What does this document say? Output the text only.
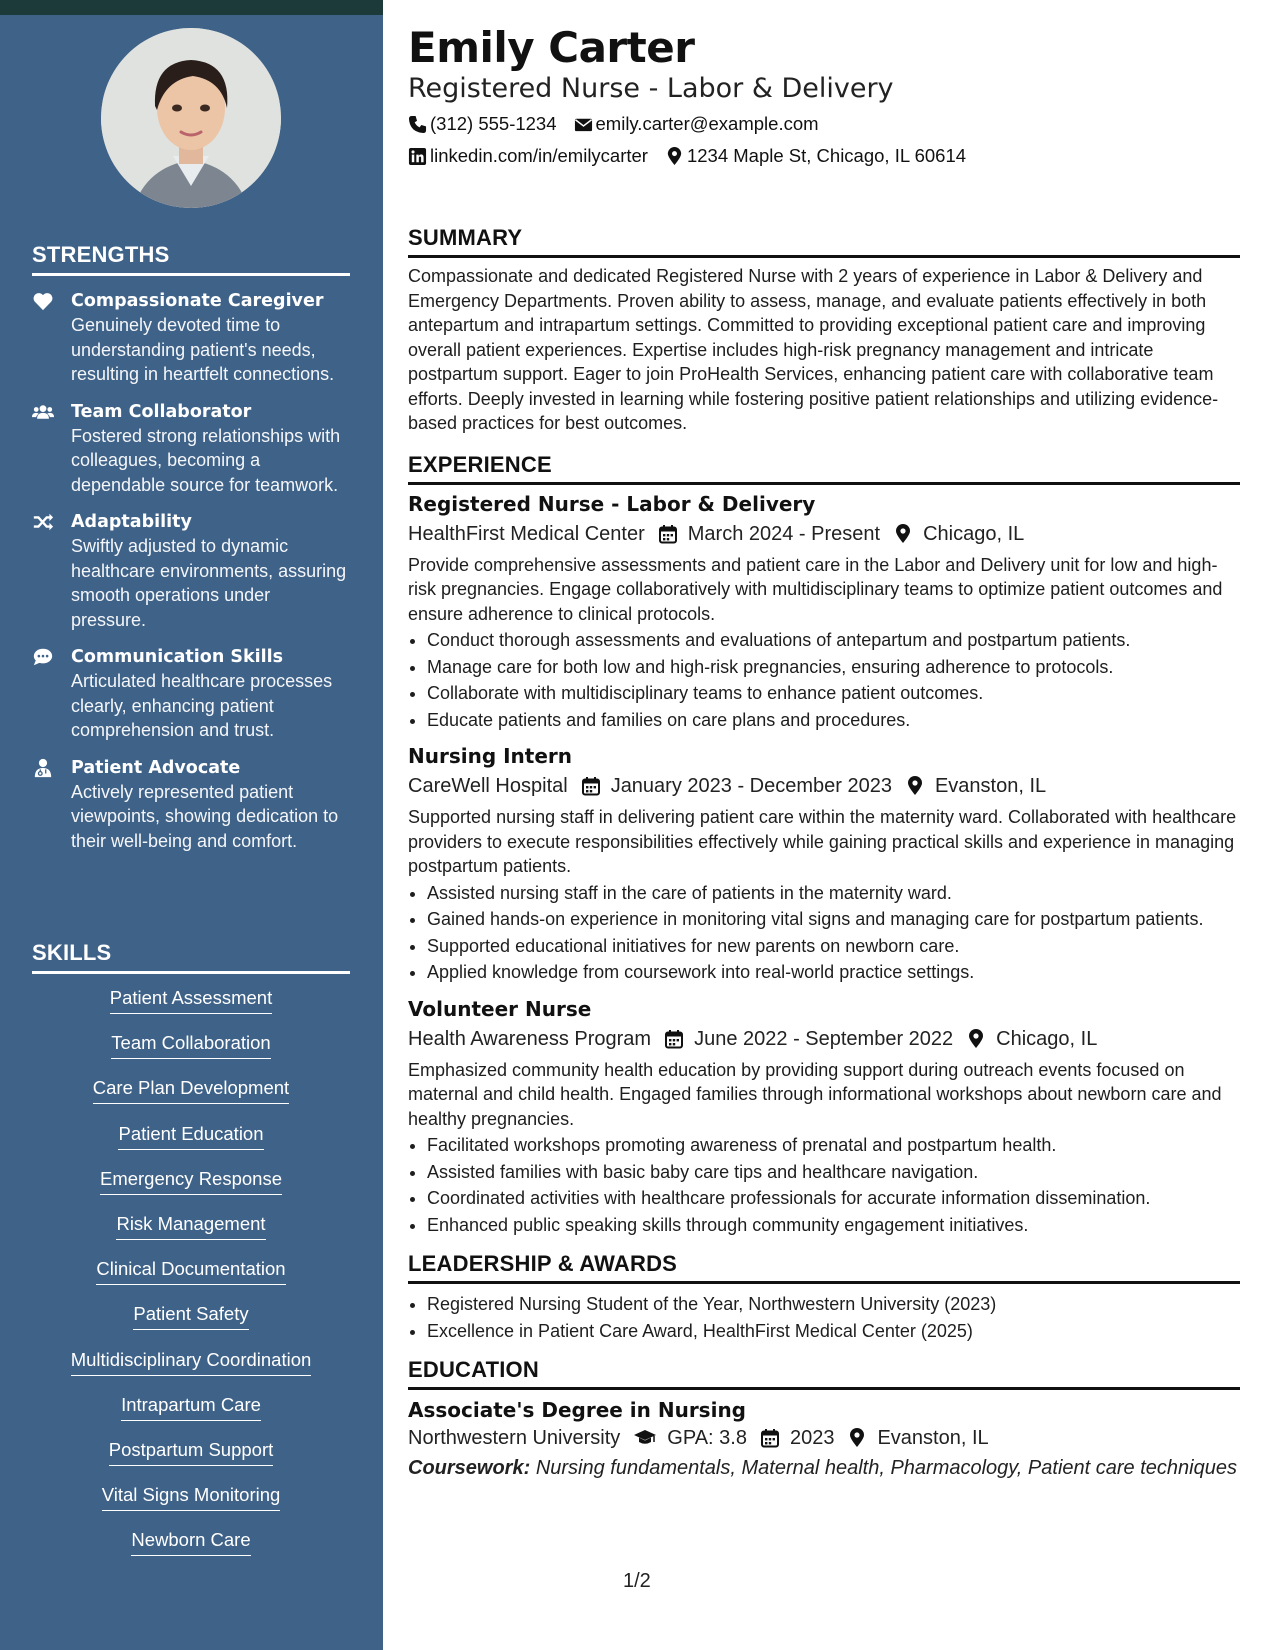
STRENGTHS
Compassionate Caregiver
Genuinely devoted time to understanding patient's needs, resulting in heartfelt connections.
Team Collaborator
Fostered strong relationships with colleagues, becoming a dependable source for teamwork.
Adaptability
Swiftly adjusted to dynamic healthcare environments, assuring smooth operations under pressure.
Communication Skills
Articulated healthcare processes clearly, enhancing patient comprehension and trust.
Patient Advocate
Actively represented patient viewpoints, showing dedication to their well-being and comfort.
SKILLS
Patient Assessment
Team Collaboration
Care Plan Development
Patient Education
Emergency Response
Risk Management
Clinical Documentation
Patient Safety
Multidisciplinary Coordination
Intrapartum Care
Postpartum Support
Vital Signs Monitoring
Newborn Care
Emily Carter
Registered Nurse - Labor & Delivery
(312) 555-1234 emily.carter@example.com
linkedin.com/in/emilycarter 1234 Maple St, Chicago, IL 60614
SUMMARY
Compassionate and dedicated Registered Nurse with 2 years of experience in Labor & Delivery and Emergency Departments. Proven ability to assess, manage, and evaluate patients effectively in both antepartum and intrapartum settings. Committed to providing exceptional patient care and improving overall patient experiences. Expertise includes high-risk pregnancy management and intricate postpartum support. Eager to join ProHealth Services, enhancing patient care with collaborative team efforts. Deeply invested in learning while fostering positive patient relationships and utilizing evidence-based practices for best outcomes.
EXPERIENCE
Registered Nurse - Labor & Delivery
HealthFirst Medical Center March 2024 - Present Chicago, IL
Provide comprehensive assessments and patient care in the Labor and Delivery unit for low and high-risk pregnancies. Engage collaboratively with multidisciplinary teams to optimize patient outcomes and ensure adherence to clinical protocols.
• Conduct thorough assessments and evaluations of antepartum and postpartum patients.
• Manage care for both low and high-risk pregnancies, ensuring adherence to protocols.
• Collaborate with multidisciplinary teams to enhance patient outcomes.
• Educate patients and families on care plans and procedures.
Nursing Intern
CareWell Hospital January 2023 - December 2023 Evanston, IL
Supported nursing staff in delivering patient care within the maternity ward. Collaborated with healthcare providers to execute responsibilities effectively while gaining practical skills and experience in managing postpartum patients.
• Assisted nursing staff in the care of patients in the maternity ward.
• Gained hands-on experience in monitoring vital signs and managing care for postpartum patients.
• Supported educational initiatives for new parents on newborn care.
• Applied knowledge from coursework into real-world practice settings.
Volunteer Nurse
Health Awareness Program June 2022 - September 2022 Chicago, IL
Emphasized community health education by providing support during outreach events focused on maternal and child health. Engaged families through informational workshops about newborn care and healthy pregnancies.
• Facilitated workshops promoting awareness of prenatal and postpartum health.
• Assisted families with basic baby care tips and healthcare navigation.
• Coordinated activities with healthcare professionals for accurate information dissemination.
• Enhanced public speaking skills through community engagement initiatives.
LEADERSHIP & AWARDS
• Registered Nursing Student of the Year, Northwestern University (2023)
• Excellence in Patient Care Award, HealthFirst Medical Center (2025)
EDUCATION
Associate's Degree in Nursing
Northwestern University GPA: 3.8 2023 Evanston, IL
Coursework: Nursing fundamentals, Maternal health, Pharmacology, Patient care techniques
1/2
